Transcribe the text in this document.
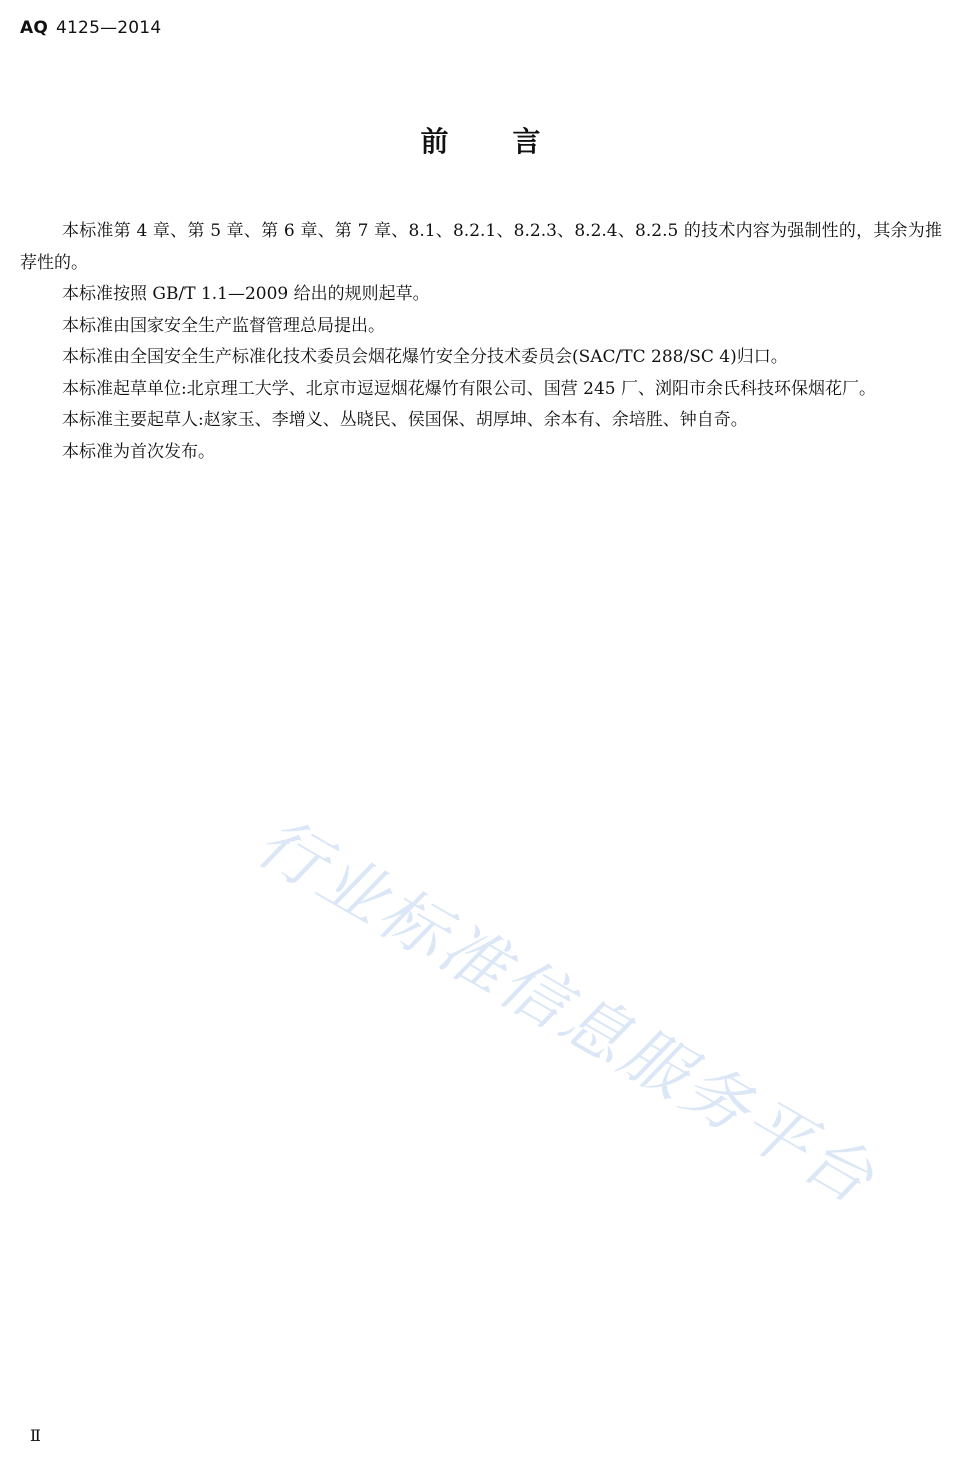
AQ 4125—2014
前言

本标准第 4 章、第 5 章、第 6 章、第 7 章、8.1、8.2.1、8.2.3、8.2.4、8.2.5 的技术内容为强制性的，其余为推荐性的。

本标准按照 GB/T 1.1—2009 给出的规则起草。

本标准由国家安全生产监督管理总局提出。

本标准由全国安全生产标准化技术委员会烟花爆竹安全分技术委员会(SAC/TC 288/SC 4)归口。

本标准起草单位:北京理工大学、北京市逗逗烟花爆竹有限公司、国营 245 厂、浏阳市余氏科技环保烟花厂。

本标准主要起草人:赵家玉、李增义、丛晓民、侯国保、胡厚坤、余本有、余培胜、钟自奇。

本标准为首次发布。

行业标准信息服务平台
Ⅱ
